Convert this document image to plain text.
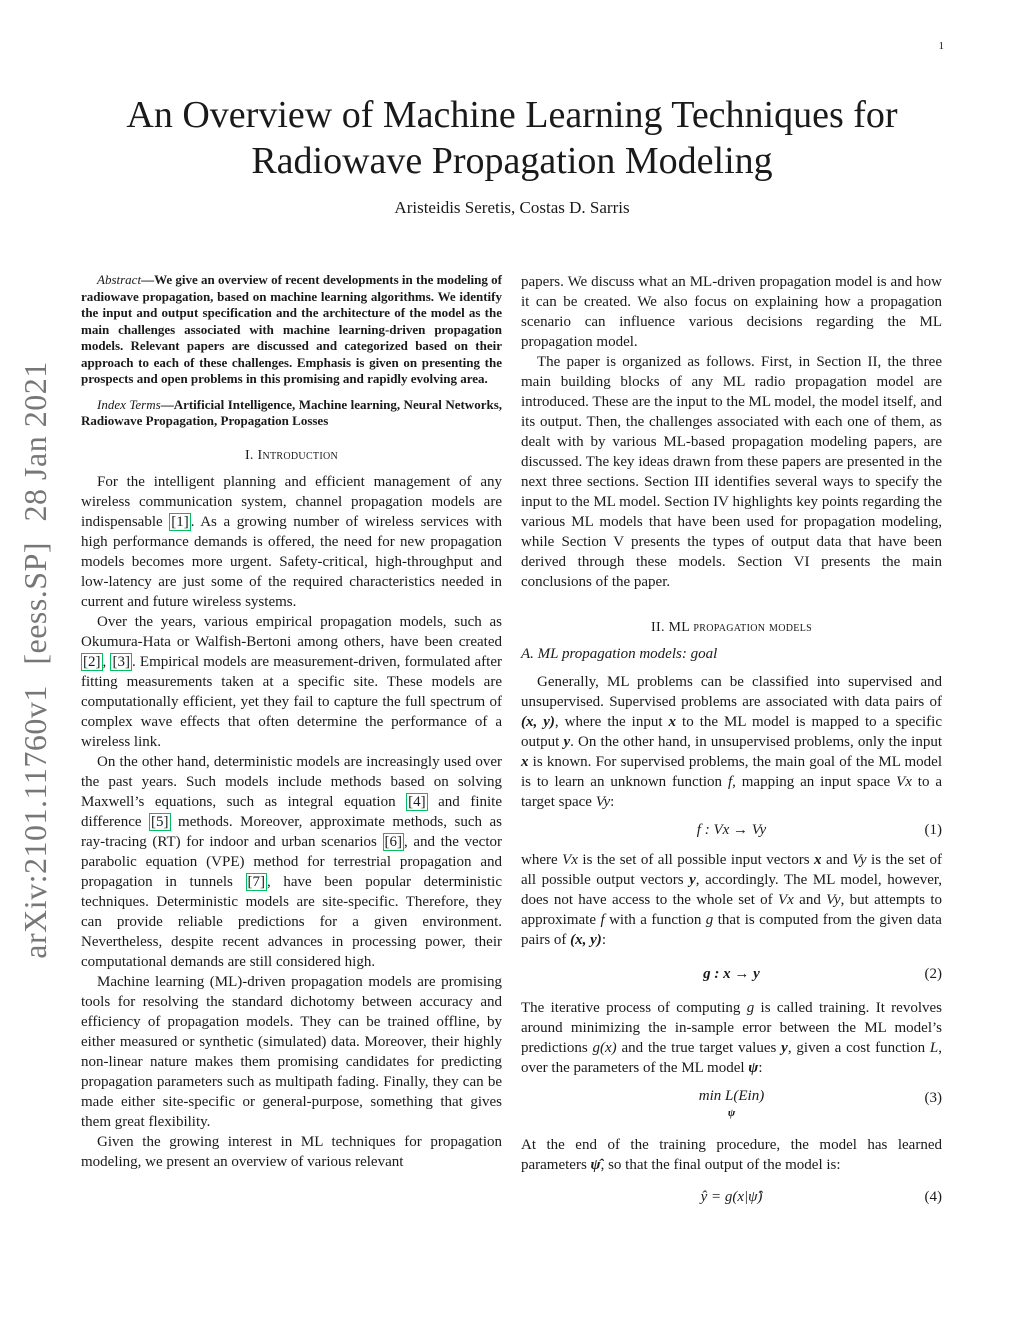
1
arXiv:2101.11760v1 [eess.SP] 28 Jan 2021
An Overview of Machine Learning Techniques for
Radiowave Propagation Modeling
Aristeidis Seretis, Costas D. Sarris

Abstract—We give an overview of recent developments in the modeling of radiowave propagation, based on machine learning algorithms. We identify the input and output specification and the architecture of the model as the main challenges associated with machine learning-driven propagation models. Relevant papers are discussed and categorized based on their approach to each of these challenges. Emphasis is given on presenting the prospects and open problems in this promising and rapidly evolving area.

Index Terms—Artificial Intelligence, Machine learning, Neural Networks, Radiowave Propagation, Propagation Losses

I. Introduction

For the intelligent planning and efficient management of any wireless communication system, channel propagation models are indispensable [1] . As a growing number of wireless services with high performance demands is offered, the need for new propagation models becomes more urgent. Safety-critical, high-throughput and low-latency are just some of the required characteristics needed in current and future wireless systems.

Over the years, various empirical propagation models, such as Okumura-Hata or Walfish-Bertoni among others, have been created [2] , [3] . Empirical models are measurement-driven, formulated after fitting measurements taken at a specific site. These models are computationally efficient, yet they fail to capture the full spectrum of complex wave effects that often determine the performance of a wireless link.

On the other hand, deterministic models are increasingly used over the past years. Such models include methods based on solving Maxwell’s equations, such as integral equation [4] and finite difference [5] methods. Moreover, approximate methods, such as ray-tracing (RT) for indoor and urban scenarios [6] , and the vector parabolic equation (VPE) method for terrestrial propagation and propagation in tunnels [7] , have been popular deterministic techniques. Deterministic models are site-specific. Therefore, they can provide reliable predictions for a given environment. Nevertheless, despite recent advances in processing power, their computational demands are still considered high.

Machine learning (ML)-driven propagation models are promising tools for resolving the standard dichotomy between accuracy and efficiency of propagation models. They can be trained offline, by either measured or synthetic (simulated) data. Moreover, their highly non-linear nature makes them promising candidates for predicting propagation parameters such as multipath fading. Finally, they can be made either site-specific or general-purpose, something that gives them great flexibility.

Given the growing interest in ML techniques for propagation modeling, we present an overview of various relevant

papers. We discuss what an ML-driven propagation model is and how it can be created. We also focus on explaining how a propagation scenario can influence various decisions regarding the ML propagation model.

The paper is organized as follows. First, in Section II, the three main building blocks of any ML radio propagation model are introduced. These are the input to the ML model, the model itself, and its output. Then, the challenges associated with each one of them, as dealt with by various ML-based propagation modeling papers, are discussed. The key ideas drawn from these papers are presented in the next three sections. Section III identifies several ways to specify the input to the ML model. Section IV highlights key points regarding the various ML models that have been used for propagation modeling, while Section V presents the types of output data that have been derived through these models. Section VI presents the main conclusions of the paper.

II. ML propagation models
A. ML propagation models: goal

Generally, ML problems can be classified into supervised and unsupervised. Supervised problems are associated with data pairs of (x, y), where the input x to the ML model is mapped to a specific output y. On the other hand, in unsupervised problems, only the input x is known. For supervised problems, the main goal of the ML model is to learn an unknown function f, mapping an input space Vx to a target space Vy:

f : Vx → Vy	(1)

where Vx is the set of all possible input vectors x and Vy is the set of all possible output vectors y, accordingly. The ML model, however, does not have access to the whole set of Vx and Vy, but attempts to approximate f with a function g that is computed from the given data pairs of (x, y):

g : x → y	(2)

The iterative process of computing g is called training. It revolves around minimizing the in-sample error between the ML model’s predictions g(x) and the true target values y, given a cost function L, over the parameters of the ML model ψ:

min L(Ein)
ψ
(3)

At the end of the training procedure, the model has learned parameters ψ̂, so that the final output of the model is:

ŷ = g(x|ψ̂)	(4)
